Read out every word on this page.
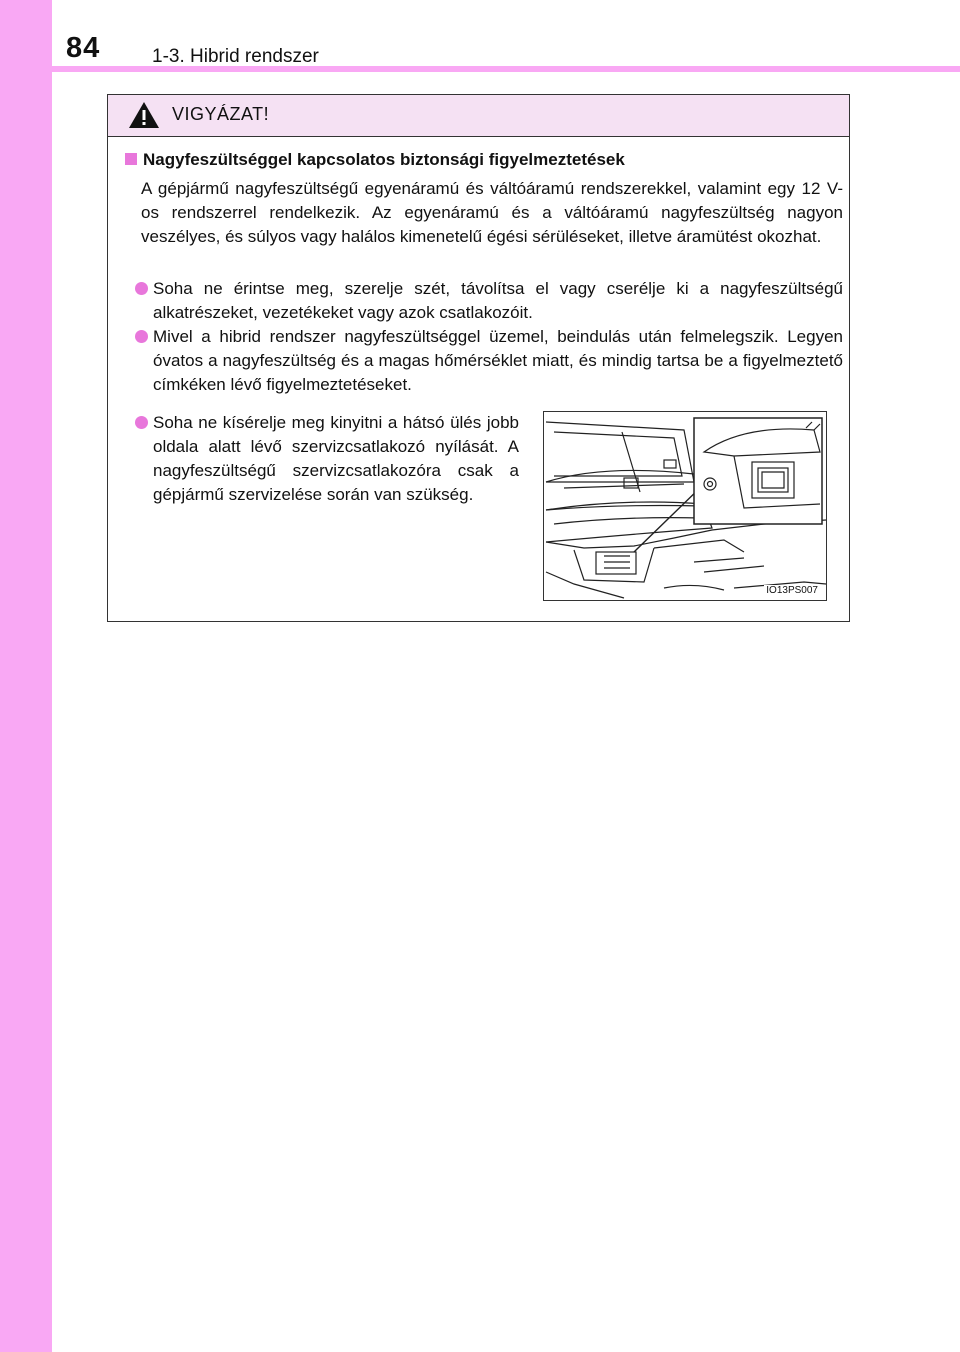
84	1-3. Hibrid rendszer
VIGYÁZAT!
Nagyfeszültséggel kapcsolatos biztonsági figyelmeztetések
A gépjármű nagyfeszültségű egyenáramú és váltóáramú rendszerekkel, valamint egy 12 V-os rendszerrel rendelkezik. Az egyenáramú és a váltóáramú nagyfeszültség nagyon veszélyes, és súlyos vagy halálos kimenetelű égési sérüléseket, illetve áramütést okozhat.
Soha ne érintse meg, szerelje szét, távolítsa el vagy cserélje ki a nagyfeszültségű alkatrészeket, vezetékeket vagy azok csatlakozóit.
Mivel a hibrid rendszer nagyfeszültséggel üzemel, beindulás után felmelegszik. Legyen óvatos a nagyfeszültség és a magas hőmérséklet miatt, és mindig tartsa be a figyelmeztető címkéken lévő figyelmeztetéseket.
Soha ne kísérelje meg kinyitni a hátsó ülés jobb oldala alatt lévő szervizcsatlakozó nyílását. A nagyfeszültségű szervizcsatlakozóra csak a gépjármű szervizelése során van szükség.
IO13PS007
